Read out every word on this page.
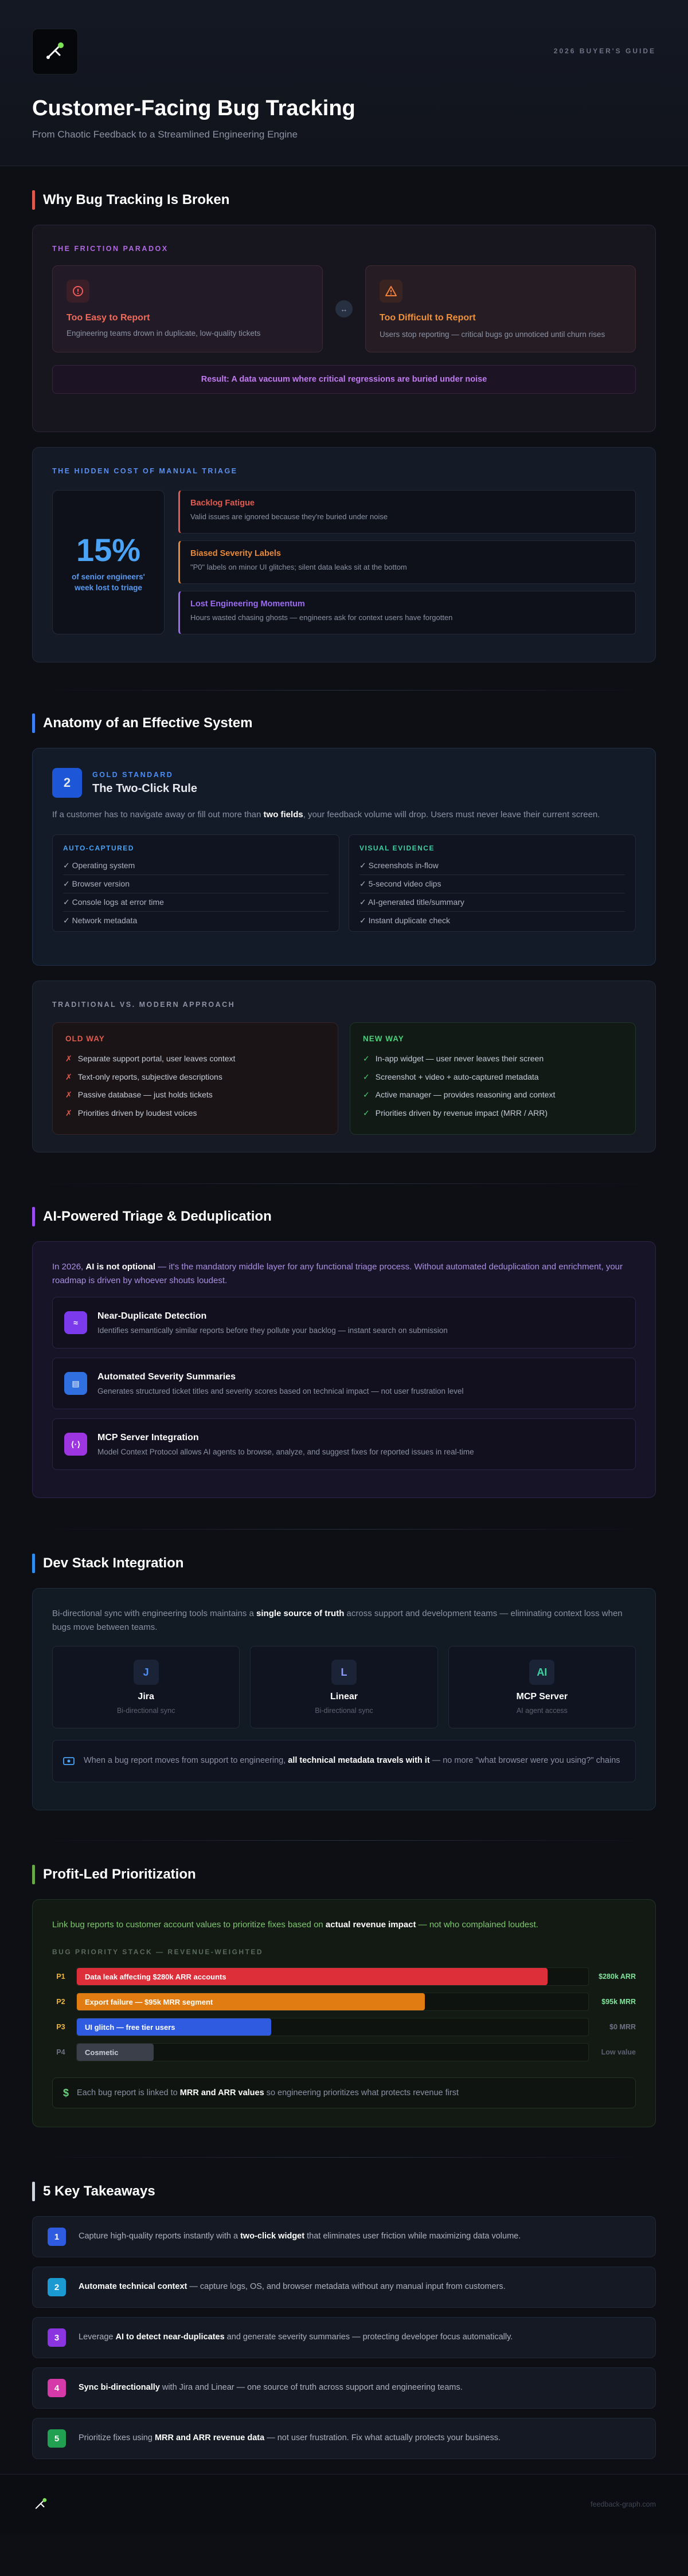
2026 BUYER'S GUIDE
Customer-Facing Bug Tracking
From Chaotic Feedback to a Streamlined Engineering Engine
Why Bug Tracking Is Broken
THE FRICTION PARADOX
Too Easy to Report
Engineering teams drown in duplicate, low-quality tickets
↔
Too Difficult to Report
Users stop reporting — critical bugs go unnoticed until churn rises
Result: A data vacuum where critical regressions are buried under noise
THE HIDDEN COST OF MANUAL TRIAGE
15%
of senior engineers' week lost to triage
Backlog Fatigue
Valid issues are ignored because they're buried under noise
Biased Severity Labels
"P0" labels on minor UI glitches; silent data leaks sit at the bottom
Lost Engineering Momentum
Hours wasted chasing ghosts — engineers ask for context users have forgotten
Anatomy of an Effective System
2
GOLD STANDARD
The Two-Click Rule
If a customer has to navigate away or fill out more than two fields, your feedback volume will drop. Users must never leave their current screen.
AUTO-CAPTURED
✓ Operating system
✓ Browser version
✓ Console logs at error time
✓ Network metadata
VISUAL EVIDENCE
✓ Screenshots in-flow
✓ 5-second video clips
✓ AI-generated title/summary
✓ Instant duplicate check
TRADITIONAL VS. MODERN APPROACH
OLD WAY
✗ Separate support portal, user leaves context
✗ Text-only reports, subjective descriptions
✗ Passive database — just holds tickets
✗ Priorities driven by loudest voices
NEW WAY
✓ In-app widget — user never leaves their screen
✓ Screenshot + video + auto-captured metadata
✓ Active manager — provides reasoning and context
✓ Priorities driven by revenue impact (MRR / ARR)
AI-Powered Triage & Deduplication
In 2026, AI is not optional — it's the mandatory middle layer for any functional triage process. Without automated deduplication and enrichment, your roadmap is driven by whoever shouts loudest.
≈
Near-Duplicate Detection
Identifies semantically similar reports before they pollute your backlog — instant search on submission
▤
Automated Severity Summaries
Generates structured ticket titles and severity scores based on technical impact — not user frustration level
⟨·⟩
MCP Server Integration
Model Context Protocol allows AI agents to browse, analyze, and suggest fixes for reported issues in real-time
Dev Stack Integration
Bi-directional sync with engineering tools maintains a single source of truth across support and development teams — eliminating context loss when bugs move between teams.
J
Jira
Bi-directional sync
L
Linear
Bi-directional sync
AI
MCP Server
AI agent access
When a bug report moves from support to engineering, all technical metadata travels with it — no more "what browser were you using?" chains
Profit-Led Prioritization
Link bug reports to customer account values to prioritize fixes based on actual revenue impact — not who complained loudest.
BUG PRIORITY STACK — REVENUE-WEIGHTED
P1	Data leak affecting $280k ARR accounts	$280k ARR
P2	Export failure — $95k MRR segment	$95k MRR
P3	UI glitch — free tier users	$0 MRR
P4	Cosmetic	Low value
$ Each bug report is linked to MRR and ARR values so engineering prioritizes what protects revenue first
5 Key Takeaways
1	Capture high-quality reports instantly with a two-click widget that eliminates user friction while maximizing data volume.
2	Automate technical context — capture logs, OS, and browser metadata without any manual input from customers.
3	Leverage AI to detect near-duplicates and generate severity summaries — protecting developer focus automatically.
4	Sync bi-directionally with Jira and Linear — one source of truth across support and engineering teams.
5	Prioritize fixes using MRR and ARR revenue data — not user frustration. Fix what actually protects your business.
feedback-graph.com
